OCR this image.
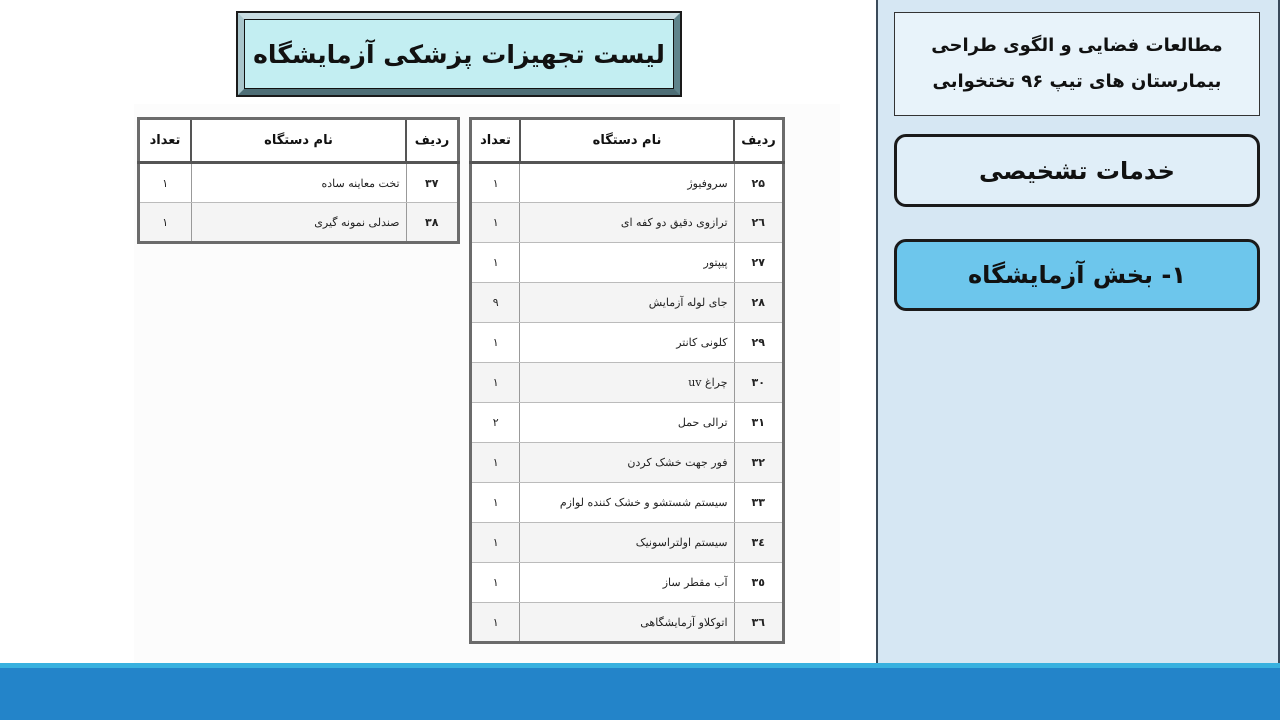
لیست تجهیزات پزشکی آزمایشگاه
ردیف	نام دستگاه	تعداد
۲۵	سروفیوژ	۱
۲٦	ترازوی دقیق دو کفه ای	۱
۲۷	پیپتور	۱
۲۸	جای لوله آزمایش	۹
۲۹	کلونی کانتر	۱
۳۰	چراغ uv	۱
۳۱	ترالی حمل	۲
۳۲	فور جهت خشک کردن	۱
۳۳	سیستم شستشو و خشک کننده لوازم	۱
۳٤	سیستم اولتراسونیک	۱
۳٥	آب مقطر ساز	۱
۳٦	اتوکلاو آزمایشگاهی	۱
ردیف	نام دستگاه	تعداد
۳۷	تخت معاینه ساده	۱
۳۸	صندلی نمونه گیری	۱
مطالعات فضایی و الگوی طراحی
بیمارستان های تیپ ۹۶ تختخوابی
خدمات تشخیصی
۱- بخش آزمایشگاه
